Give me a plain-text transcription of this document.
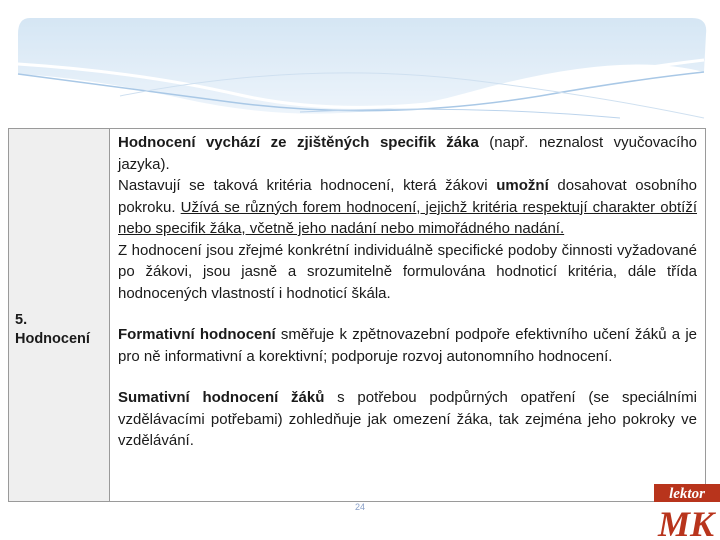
5.
Hodnocení

Hodnocení vychází ze zjištěných specifik žáka (např. neznalost vyučovacího jazyka).

Nastavují se taková kritéria hodnocení, která žákovi umožní dosahovat osobního pokroku. Užívá se různých forem hodnocení, jejichž kritéria respektují charakter obtíží nebo specifik žáka, včetně jeho nadání nebo mimořádného nadání.

Z hodnocení jsou zřejmé konkrétní individuálně specifické podoby činnosti vyžadované po žákovi, jsou jasně a srozumitelně formulována hodnoticí kritéria, dále třída hodnocených vlastností i hodnoticí škála.

Formativní hodnocení směřuje k zpětnovazební podpoře efektivního učení žáků a je pro ně informativní a korektivní; podporuje rozvoj autonomního hodnocení.

Sumativní hodnocení žáků s potřebou podpůrných opatření (se speciálními vzdělávacími potřebami) zohledňuje jak omezení žáka, tak zejména jeho pokroky ve vzdělávání.

24
lektor
MK
